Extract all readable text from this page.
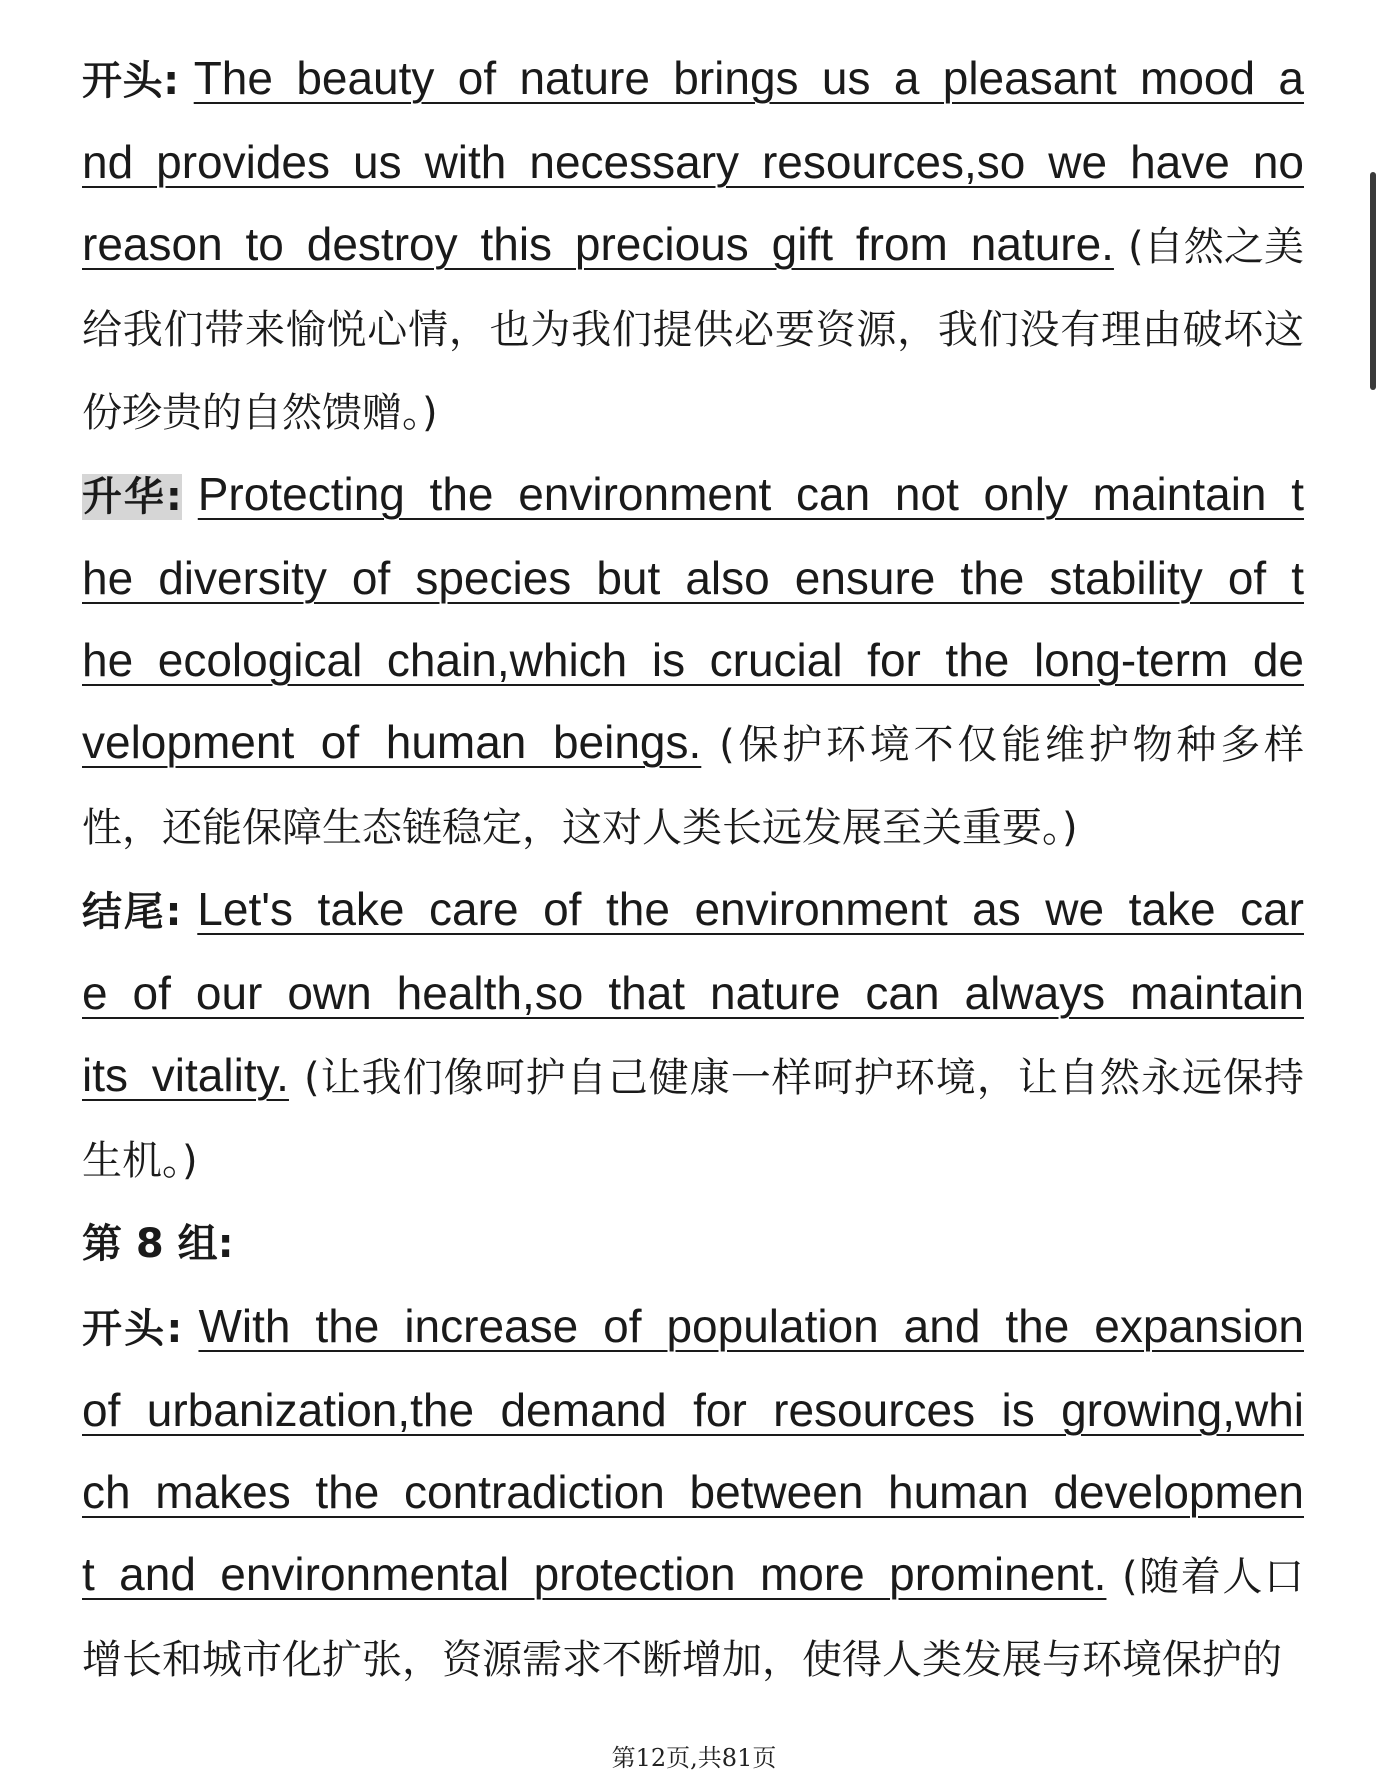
开头: The beauty of nature brings us a pleasant mood and provides us with necessary resources,so we have no reason to destroy this precious gift from nature. (自然之美给我们带来愉悦心情，也为我们提供必要资源，我们没有理由破坏这份珍贵的自然馈赠。)

升华: Protecting the environment can not only maintain the diversity of species but also ensure the stability of the ecological chain,which is crucial for the long-term development of human beings. (保护环境不仅能维护物种多样性，还能保障生态链稳定，这对人类长远发展至关重要。)

结尾: Let's take care of the environment as we take care of our own health,so that nature can always maintain its vitality. (让我们像呵护自己健康一样呵护环境，让自然永远保持生机。)

第 8 组:

开头: With the increase of population and the expansion of urbanization,the demand for resources is growing,which makes the contradiction between human development and environmental protection more prominent. (随着人口增长和城市化扩张，资源需求不断增加，使得人类发展与环境保护的

第12页,共81页
